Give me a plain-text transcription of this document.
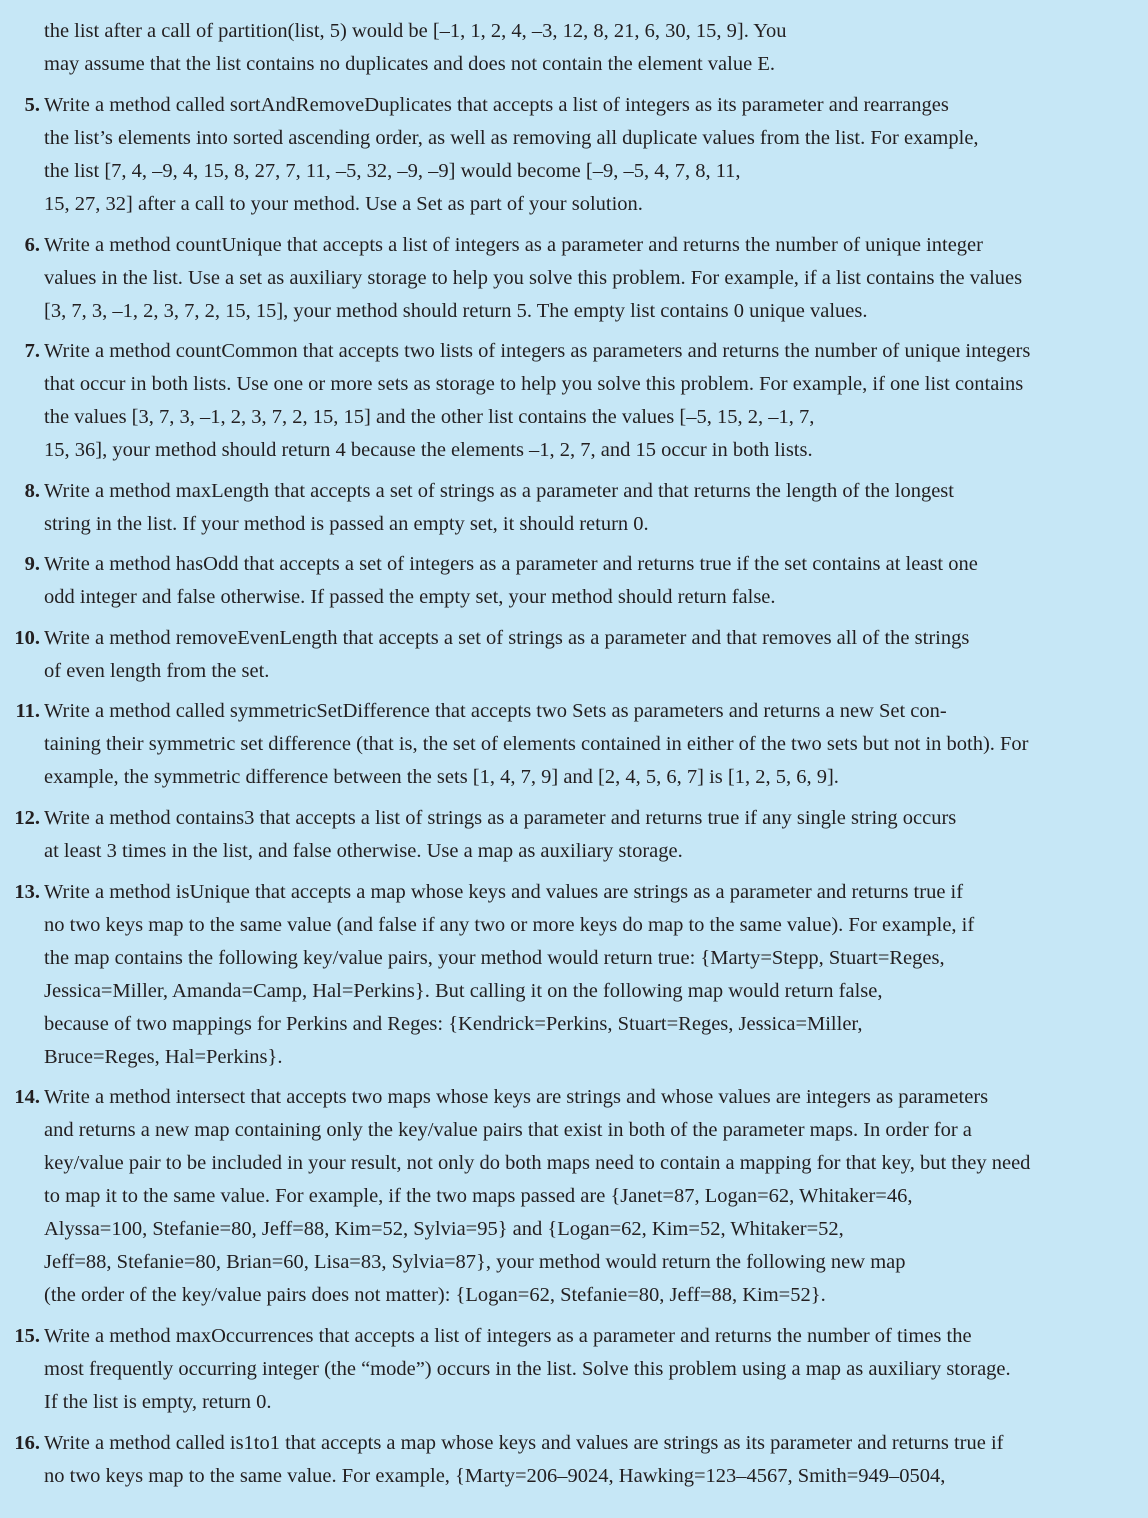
the list after a call of partition(list, 5) would be [–1, 1, 2, 4, –3, 12, 8, 21, 6, 30, 15, 9]. You
may assume that the list contains no duplicates and does not contain the element value E.
5. Write a method called sortAndRemoveDuplicates that accepts a list of integers as its parameter and rearranges
the list’s elements into sorted ascending order, as well as removing all duplicate values from the list. For example,
the list [7, 4, –9, 4, 15, 8, 27, 7, 11, –5, 32, –9, –9] would become [–9, –5, 4, 7, 8, 11,
15, 27, 32] after a call to your method. Use a Set as part of your solution.
6. Write a method countUnique that accepts a list of integers as a parameter and returns the number of unique integer
values in the list. Use a set as auxiliary storage to help you solve this problem. For example, if a list contains the values
[3, 7, 3, –1, 2, 3, 7, 2, 15, 15], your method should return 5. The empty list contains 0 unique values.
7. Write a method countCommon that accepts two lists of integers as parameters and returns the number of unique integers
that occur in both lists. Use one or more sets as storage to help you solve this problem. For example, if one list contains
the values [3, 7, 3, –1, 2, 3, 7, 2, 15, 15] and the other list contains the values [–5, 15, 2, –1, 7,
15, 36], your method should return 4 because the elements –1, 2, 7, and 15 occur in both lists.
8. Write a method maxLength that accepts a set of strings as a parameter and that returns the length of the longest
string in the list. If your method is passed an empty set, it should return 0.
9. Write a method hasOdd that accepts a set of integers as a parameter and returns true if the set contains at least one
odd integer and false otherwise. If passed the empty set, your method should return false.
10. Write a method removeEvenLength that accepts a set of strings as a parameter and that removes all of the strings
of even length from the set.
11. Write a method called symmetricSetDifference that accepts two Sets as parameters and returns a new Set con-
taining their symmetric set difference (that is, the set of elements contained in either of the two sets but not in both). For
example, the symmetric difference between the sets [1, 4, 7, 9] and [2, 4, 5, 6, 7] is [1, 2, 5, 6, 9].
12. Write a method contains3 that accepts a list of strings as a parameter and returns true if any single string occurs
at least 3 times in the list, and false otherwise. Use a map as auxiliary storage.
13. Write a method isUnique that accepts a map whose keys and values are strings as a parameter and returns true if
no two keys map to the same value (and false if any two or more keys do map to the same value). For example, if
the map contains the following key/value pairs, your method would return true: {Marty=Stepp, Stuart=Reges,
Jessica=Miller, Amanda=Camp, Hal=Perkins}. But calling it on the following map would return false,
because of two mappings for Perkins and Reges: {Kendrick=Perkins, Stuart=Reges, Jessica=Miller,
Bruce=Reges, Hal=Perkins}.
14. Write a method intersect that accepts two maps whose keys are strings and whose values are integers as parameters
and returns a new map containing only the key/value pairs that exist in both of the parameter maps. In order for a
key/value pair to be included in your result, not only do both maps need to contain a mapping for that key, but they need
to map it to the same value. For example, if the two maps passed are {Janet=87, Logan=62, Whitaker=46,
Alyssa=100, Stefanie=80, Jeff=88, Kim=52, Sylvia=95} and {Logan=62, Kim=52, Whitaker=52,
Jeff=88, Stefanie=80, Brian=60, Lisa=83, Sylvia=87}, your method would return the following new map
(the order of the key/value pairs does not matter): {Logan=62, Stefanie=80, Jeff=88, Kim=52}.
15. Write a method maxOccurrences that accepts a list of integers as a parameter and returns the number of times the
most frequently occurring integer (the “mode”) occurs in the list. Solve this problem using a map as auxiliary storage.
If the list is empty, return 0.
16. Write a method called is1to1 that accepts a map whose keys and values are strings as its parameter and returns true if
no two keys map to the same value. For example, {Marty=206–9024, Hawking=123–4567, Smith=949–0504,
